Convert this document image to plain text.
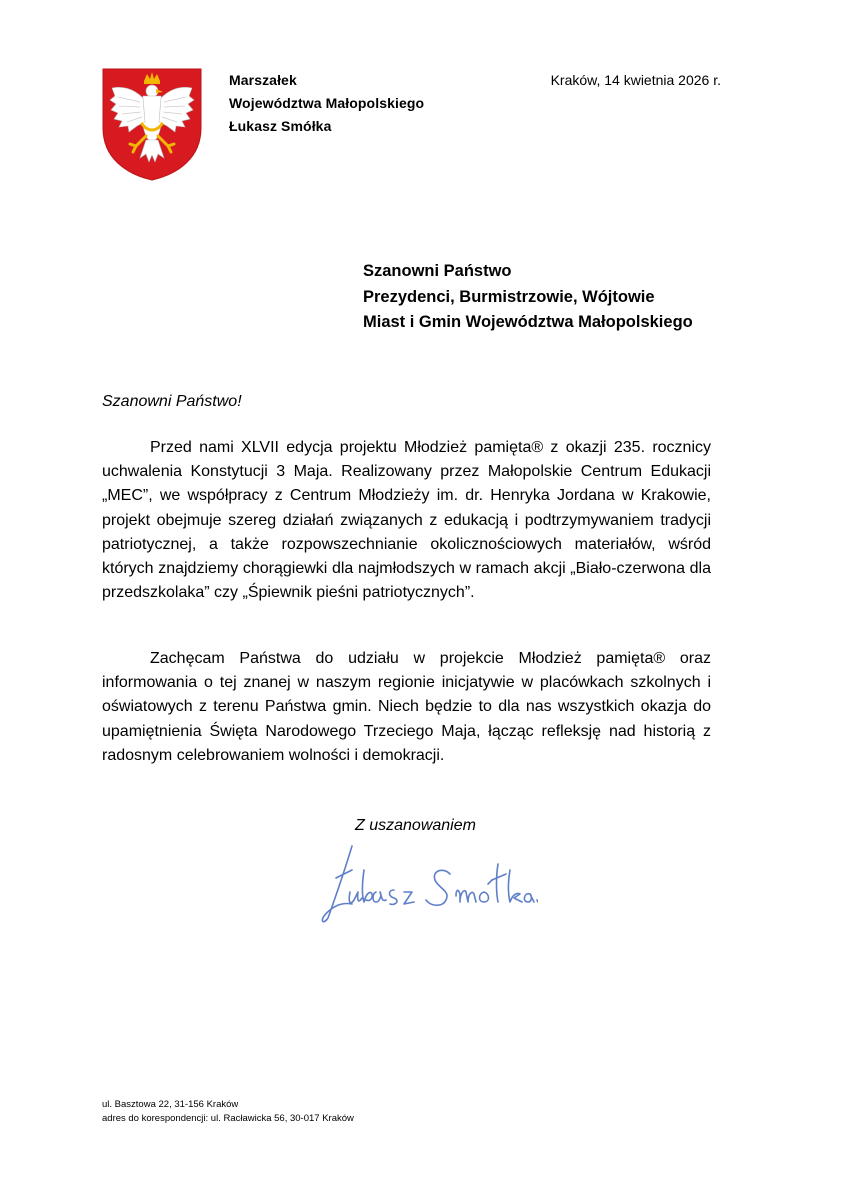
Marszałek
Województwa Małopolskiego
Łukasz Smółka
Kraków, 14 kwietnia 2026 r.
Szanowni Państwo
Prezydenci, Burmistrzowie, Wójtowie
Miast i Gmin Województwa Małopolskiego
Szanowni Państwo!

Przed nami XLVII edycja projektu Młodzież pamięta® z okazji 235. rocznicy uchwalenia Konstytucji 3 Maja. Realizowany przez Małopolskie Centrum Edukacji „MEC”, we współpracy z Centrum Młodzieży im. dr. Henryka Jordana w Krakowie, projekt obejmuje szereg działań związanych z edukacją i podtrzymywaniem tradycji patriotycznej, a także rozpowszechnianie okolicznościowych materiałów, wśród których znajdziemy chorągiewki dla najmłodszych w ramach akcji „Biało-czerwona dla przedszkolaka” czy „Śpiewnik pieśni patriotycznych”.

Zachęcam Państwa do udziału w projekcie Młodzież pamięta® oraz informowania o tej znanej w naszym regionie inicjatywie w placówkach szkolnych i oświatowych z terenu Państwa gmin. Niech będzie to dla nas wszystkich okazja do upamiętnienia Święta Narodowego Trzeciego Maja, łącząc refleksję nad historią z radosnym celebrowaniem wolności i demokracji.

Z uszanowaniem
ul. Basztowa 22, 31-156 Kraków
adres do korespondencji: ul. Racławicka 56, 30-017 Kraków
